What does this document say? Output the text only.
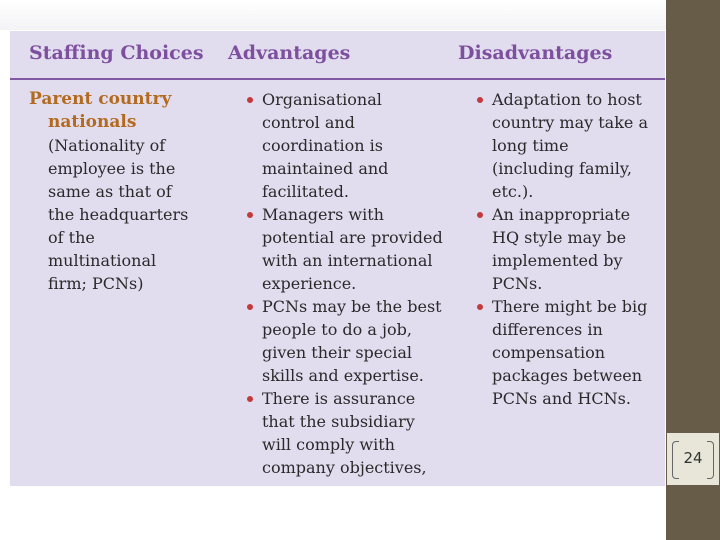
Staffing Choices Advantages	Disadvantages
Parent country
nationals
(Nationality of
employee is the
same as that of
the headquarters
of the
multinational
firm; PCNs)
Organisational
control and
coordination is
maintained and
facilitated.
Managers with
potential are provided
with an international
experience.
PCNs may be the best
people to do a job,
given their special
skills and expertise.
There is assurance
that the subsidiary
will comply with
company objectives,
Adaptation to host
country may take a
long time
(including family,
etc.).
An inappropriate
HQ style may be
implemented by
PCNs.
There might be big
differences in
compensation
packages between
PCNs and HCNs.
24
